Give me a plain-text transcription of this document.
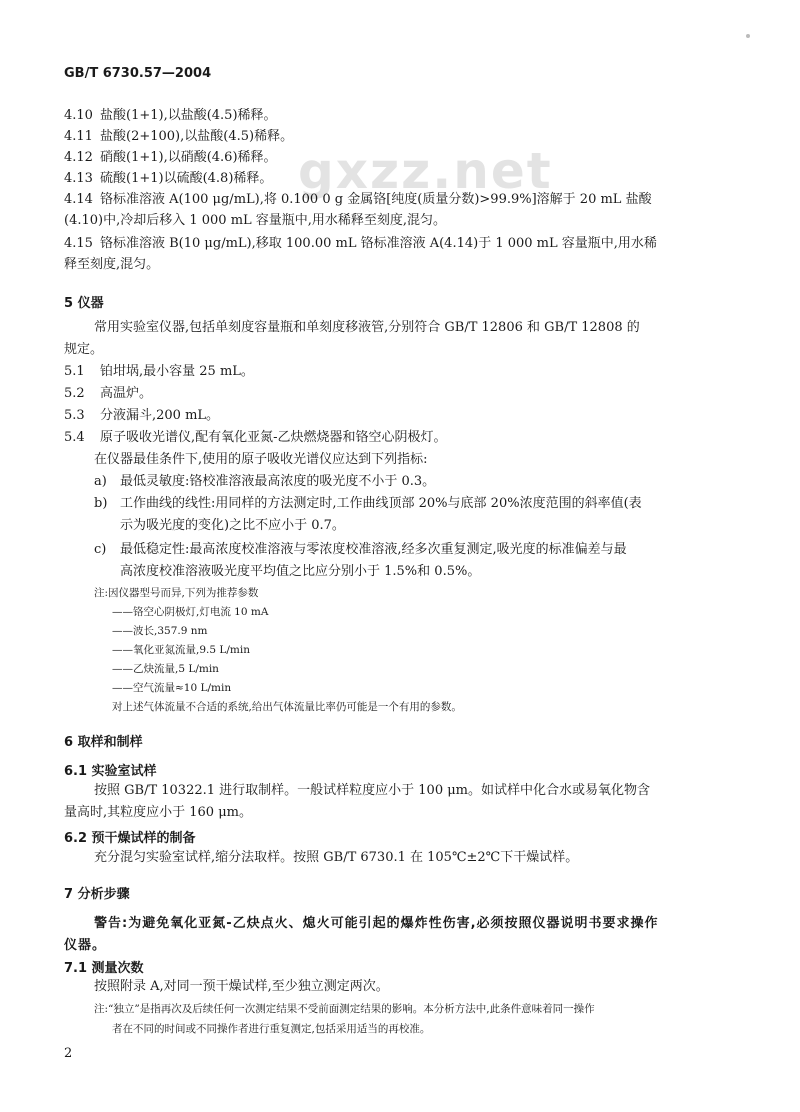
gxzz.net
GB/T 6730.57—2004
4.10 盐酸(1+1),以盐酸(4.5)稀释。
4.11 盐酸(2+100),以盐酸(4.5)稀释。
4.12 硝酸(1+1),以硝酸(4.6)稀释。
4.13 硫酸(1+1)以硫酸(4.8)稀释。
4.14 铬标准溶液 A(100 μg/mL),将 0.100 0 g 金属铬[纯度(质量分数)>99.9%]溶解于 20 mL 盐酸
(4.10)中,冷却后移入 1 000 mL 容量瓶中,用水稀释至刻度,混匀。
4.15 铬标准溶液 B(10 μg/mL),移取 100.00 mL 铬标准溶液 A(4.14)于 1 000 mL 容量瓶中,用水稀
释至刻度,混匀。
5 仪器
常用实验室仪器,包括单刻度容量瓶和单刻度移液管,分别符合 GB/T 12806 和 GB/T 12808 的
规定。
5.1 铂坩埚,最小容量 25 mL。
5.2 高温炉。
5.3 分液漏斗,200 mL。
5.4 原子吸收光谱仪,配有氧化亚氮-乙炔燃烧器和铬空心阴极灯。
在仪器最佳条件下,使用的原子吸收光谱仪应达到下列指标:
a) 最低灵敏度:铬校准溶液最高浓度的吸光度不小于 0.3。
b) 工作曲线的线性:用同样的方法测定时,工作曲线顶部 20%与底部 20%浓度范围的斜率值(表
示为吸光度的变化)之比不应小于 0.7。
c) 最低稳定性:最高浓度校准溶液与零浓度校准溶液,经多次重复测定,吸光度的标准偏差与最
高浓度校准溶液吸光度平均值之比应分别小于 1.5%和 0.5%。
注:因仪器型号而异,下列为推荐参数
——铬空心阴极灯,灯电流 10 mA
——波长,357.9 nm
——氧化亚氮流量,9.5 L/min
——乙炔流量,5 L/min
——空气流量≈10 L/min
对上述气体流量不合适的系统,给出气体流量比率仍可能是一个有用的参数。
6 取样和制样
6.1 实验室试样
按照 GB/T 10322.1 进行取制样。一般试样粒度应小于 100 μm。如试样中化合水或易氧化物含
量高时,其粒度应小于 160 μm。
6.2 预干燥试样的制备
充分混匀实验室试样,缩分法取样。按照 GB/T 6730.1 在 105℃±2℃下干燥试样。
7 分析步骤
警告:为避免氧化亚氮-乙炔点火、熄火可能引起的爆炸性伤害,必须按照仪器说明书要求操作
仪器。
7.1 测量次数
按照附录 A,对同一预干燥试样,至少独立测定两次。
注:“独立”是指再次及后续任何一次测定结果不受前面测定结果的影响。本分析方法中,此条件意味着同一操作
者在不同的时间或不同操作者进行重复测定,包括采用适当的再校准。
2
